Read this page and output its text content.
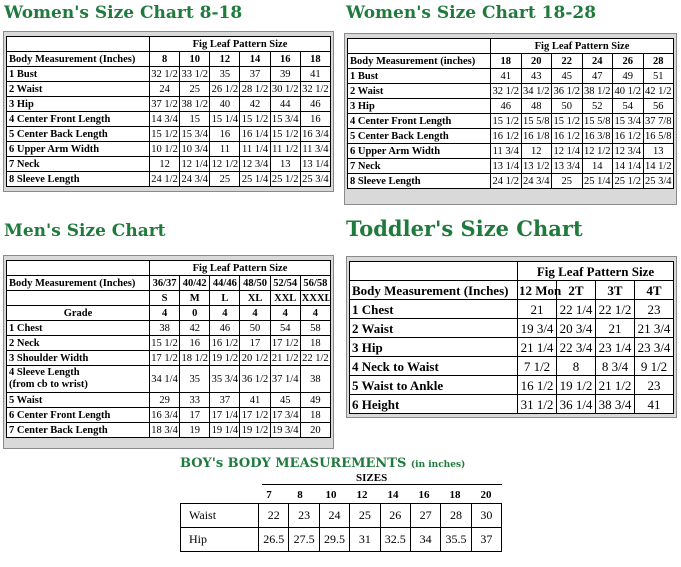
Women's Size Chart 8-18
	Fig Leaf Pattern Size					
Body Measurement (Inches)	8	10	12	14	16	18
1 Bust	32 1/2	33 1/2	35	37	39	41
2 Waist	24	25	26 1/2	28 1/2	30 1/2	32 1/2
3 Hip	37 1/2	38 1/2	40	42	44	46
4 Center Front Length	14 3/4	15	15 1/4	15 1/2	15 3/4	16
5 Center Back Length	15 1/2	15 3/4	16	16 1/4	15 1/2	16 3/4
6 Upper Arm Width	10 1/2	10 3/4	11	11 1/4	11 1/2	11 3/4
7 Neck	12	12 1/4	12 1/2	12 3/4	13	13 1/4
8 Sleeve Length	24 1/2	24 3/4	25	25 1/4	25 1/2	25 3/4
Women's Size Chart 18-28
	Fig Leaf Pattern Size					
Body Measurement (inches)	18	20	22	24	26	28
1 Bust	41	43	45	47	49	51
2 Waist	32 1/2	34 1/2	36 1/2	38 1/2	40 1/2	42 1/2
3 Hip	46	48	50	52	54	56
4 Center Front Length	15 1/2	15 5/8	15 1/2	15 5/8	15 3/4	37 7/8
5 Center Back Length	16 1/2	16 1/8	16 1/2	16 3/8	16 1/2	16 5/8
6 Upper Arm Width	11 3/4	12	12 1/4	12 1/2	12 3/4	13
7 Neck	13 1/4	13 1/2	13 3/4	14	14 1/4	14 1/2
8 Sleeve Length	24 1/2	24 3/4	25	25 1/4	25 1/2	25 3/4
Men's Size Chart
	Fig Leaf Pattern Size					
Body Measurement (Inches)	36/37	40/42	44/46	48/50	52/54	56/58
	S	M	L	XL	XXL	XXXL
Grade	4	0	4	4	4	4
1 Chest	38	42	46	50	54	58
2 Neck	15 1/2	16	16 1/2	17	17 1/2	18
3 Shoulder Width	17 1/2	18 1/2	19 1/2	20 1/2	21 1/2	22 1/2
4 Sleeve Length
(from cb to wrist)	34 1/4	35	35 3/4	36 1/2	37 1/4	38
5 Waist	29	33	37	41	45	49
6 Center Front Length	16 3/4	17	17 1/4	17 1/2	17 3/4	18
7 Center Back Length	18 3/4	19	19 1/4	19 1/2	19 3/4	20
Toddler's Size Chart
	Fig Leaf Pattern Size			
Body Measurement (Inches)	12 Mon	2T	3T	4T
1 Chest	21	22 1/4	22 1/2	23
2 Waist	19 3/4	20 3/4	21	21 3/4
3 Hip	21 1/4	22 3/4	23 1/4	23 3/4
4 Neck to Waist	7 1/2	8	8 3/4	9 1/2
5 Waist to Ankle	16 1/2	19 1/2	21 1/2	23
6 Height	31 1/2	36 1/4	38 3/4	41
BOY's BODY MEASUREMENTS (in inches)
SIZES
7	8	10	12	14	16	18	20
Waist	22	23	24	25	26	27	28	30
Hip	26.5	27.5	29.5	31	32.5	34	35.5	37
